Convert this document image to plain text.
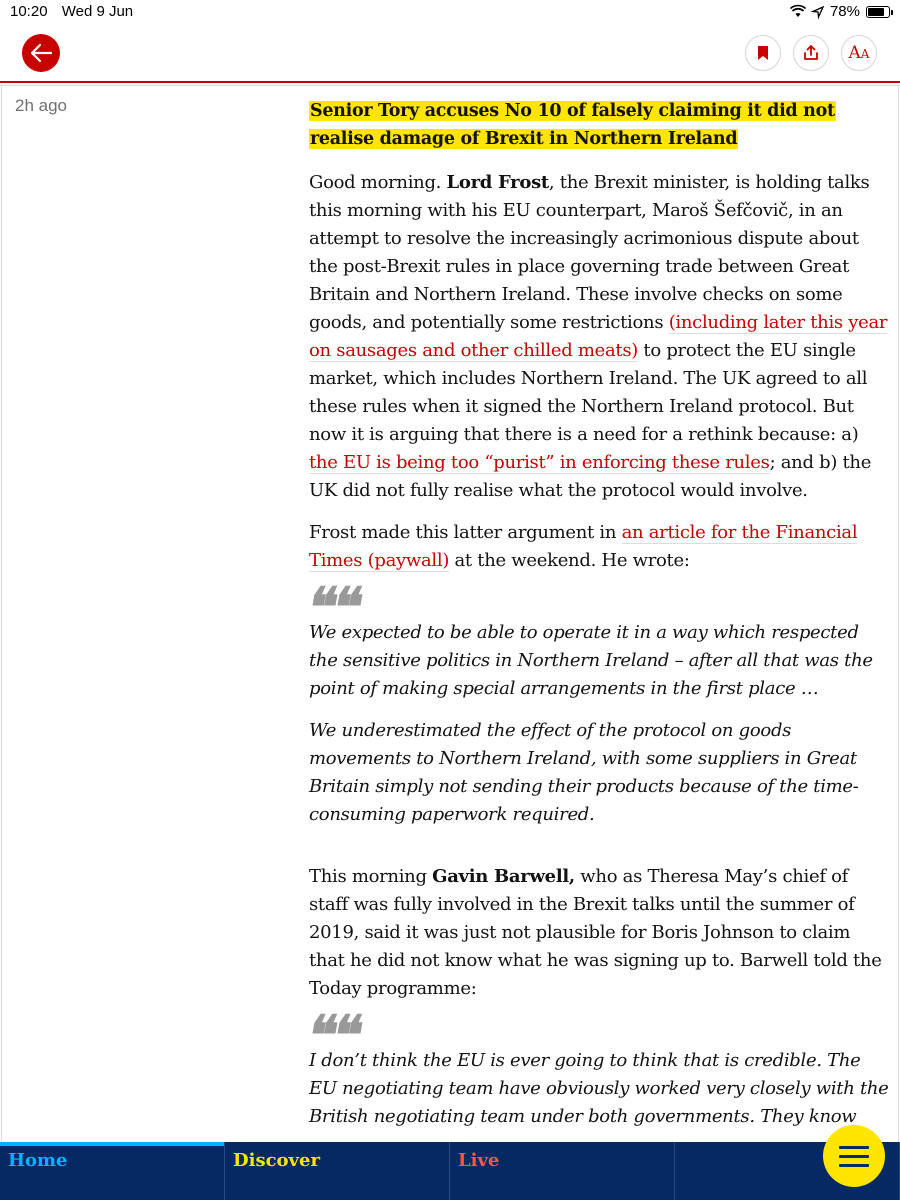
10:20 Wed 9 Jun	78%
AA
2h ago	Senior Tory accuses No 10 of falsely claiming it did not realise damage of Brexit in Northern Ireland

Good morning. Lord Frost, the Brexit minister, is holding talks this morning with his EU counterpart, Maroš Šefčovič, in an attempt to resolve the increasingly acrimonious dispute about the post-Brexit rules in place governing trade between Great Britain and Northern Ireland. These involve checks on some goods, and potentially some restrictions (including later this year on sausages and other chilled meats) to protect the EU single market, which includes Northern Ireland. The UK agreed to all these rules when it signed the Northern Ireland protocol. But now it is arguing that there is a need for a rethink because: a) the EU is being too “purist” in enforcing these rules; and b) the UK did not fully realise what the protocol would involve.

Frost made this latter argument in an article for the Financial Times (paywall) at the weekend. He wrote:

❝❝

We expected to be able to operate it in a way which respected the sensitive politics in Northern Ireland – after all that was the point of making special arrangements in the first place …

We underestimated the effect of the protocol on goods movements to Northern Ireland, with some suppliers in Great Britain simply not sending their products because of the time-consuming paperwork required.

This morning Gavin Barwell, who as Theresa May’s chief of staff was fully involved in the Brexit talks until the summer of 2019, said it was just not plausible for Boris Johnson to claim that he did not know what he was signing up to. Barwell told the Today programme:

❝❝

I don’t think the EU is ever going to think that is credible. The EU negotiating team have obviously worked very closely with the British negotiating team under both governments. They know

Home	Discover	Live
